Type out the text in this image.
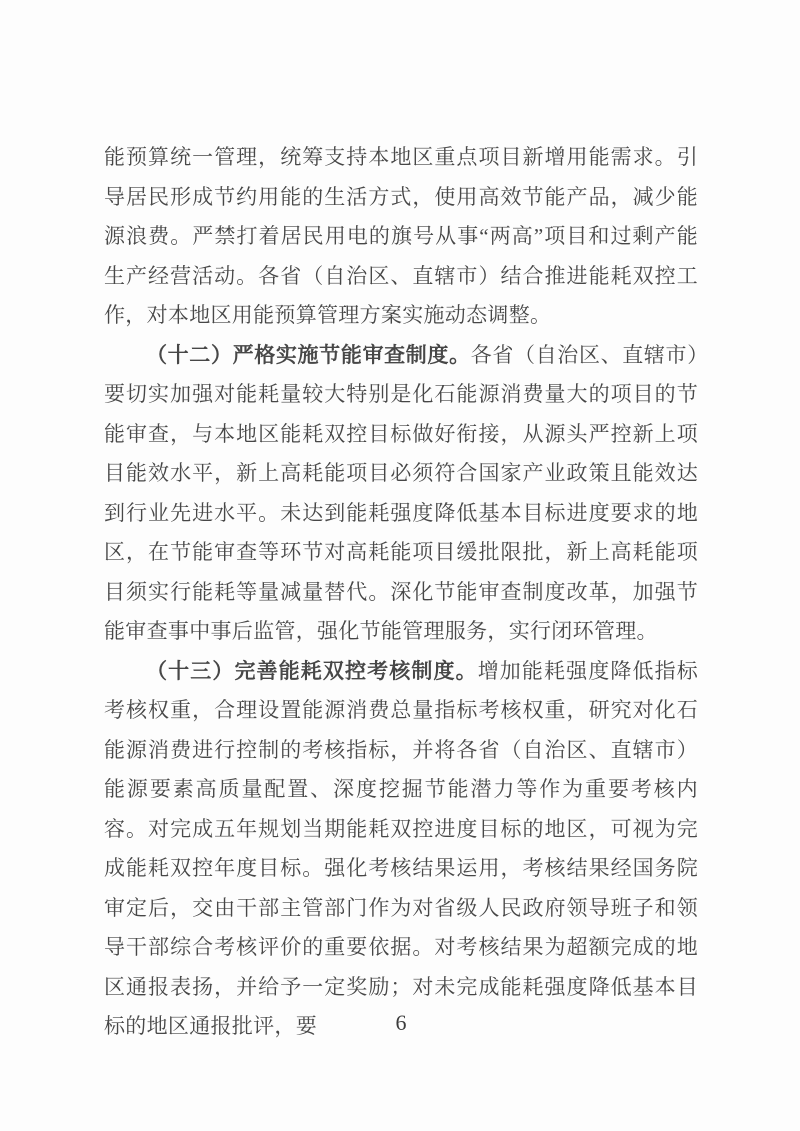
能预算统一管理，统筹支持本地区重点项目新增用能需求。引导居民形成节约用能的生活方式，使用高效节能产品，减少能源浪费。严禁打着居民用电的旗号从事“两高”项目和过剩产能生产经营活动。各省（自治区、直辖市）结合推进能耗双控工作，对本地区用能预算管理方案实施动态调整。

（十二）严格实施节能审查制度。各省（自治区、直辖市）要切实加强对能耗量较大特别是化石能源消费量大的项目的节能审查，与本地区能耗双控目标做好衔接，从源头严控新上项目能效水平，新上高耗能项目必须符合国家产业政策且能效达到行业先进水平。未达到能耗强度降低基本目标进度要求的地区，在节能审查等环节对高耗能项目缓批限批，新上高耗能项目须实行能耗等量减量替代。深化节能审查制度改革，加强节能审查事中事后监管，强化节能管理服务，实行闭环管理。

（十三）完善能耗双控考核制度。增加能耗强度降低指标考核权重，合理设置能源消费总量指标考核权重，研究对化石能源消费进行控制的考核指标，并将各省（自治区、直辖市）能源要素高质量配置、深度挖掘节能潜力等作为重要考核内容。对完成五年规划当期能耗双控进度目标的地区，可视为完成能耗双控年度目标。强化考核结果运用，考核结果经国务院审定后，交由干部主管部门作为对省级人民政府领导班子和领导干部综合考核评价的重要依据。对考核结果为超额完成的地区通报表扬，并给予一定奖励；对未完成能耗强度降低基本目标的地区通报批评，要	6
